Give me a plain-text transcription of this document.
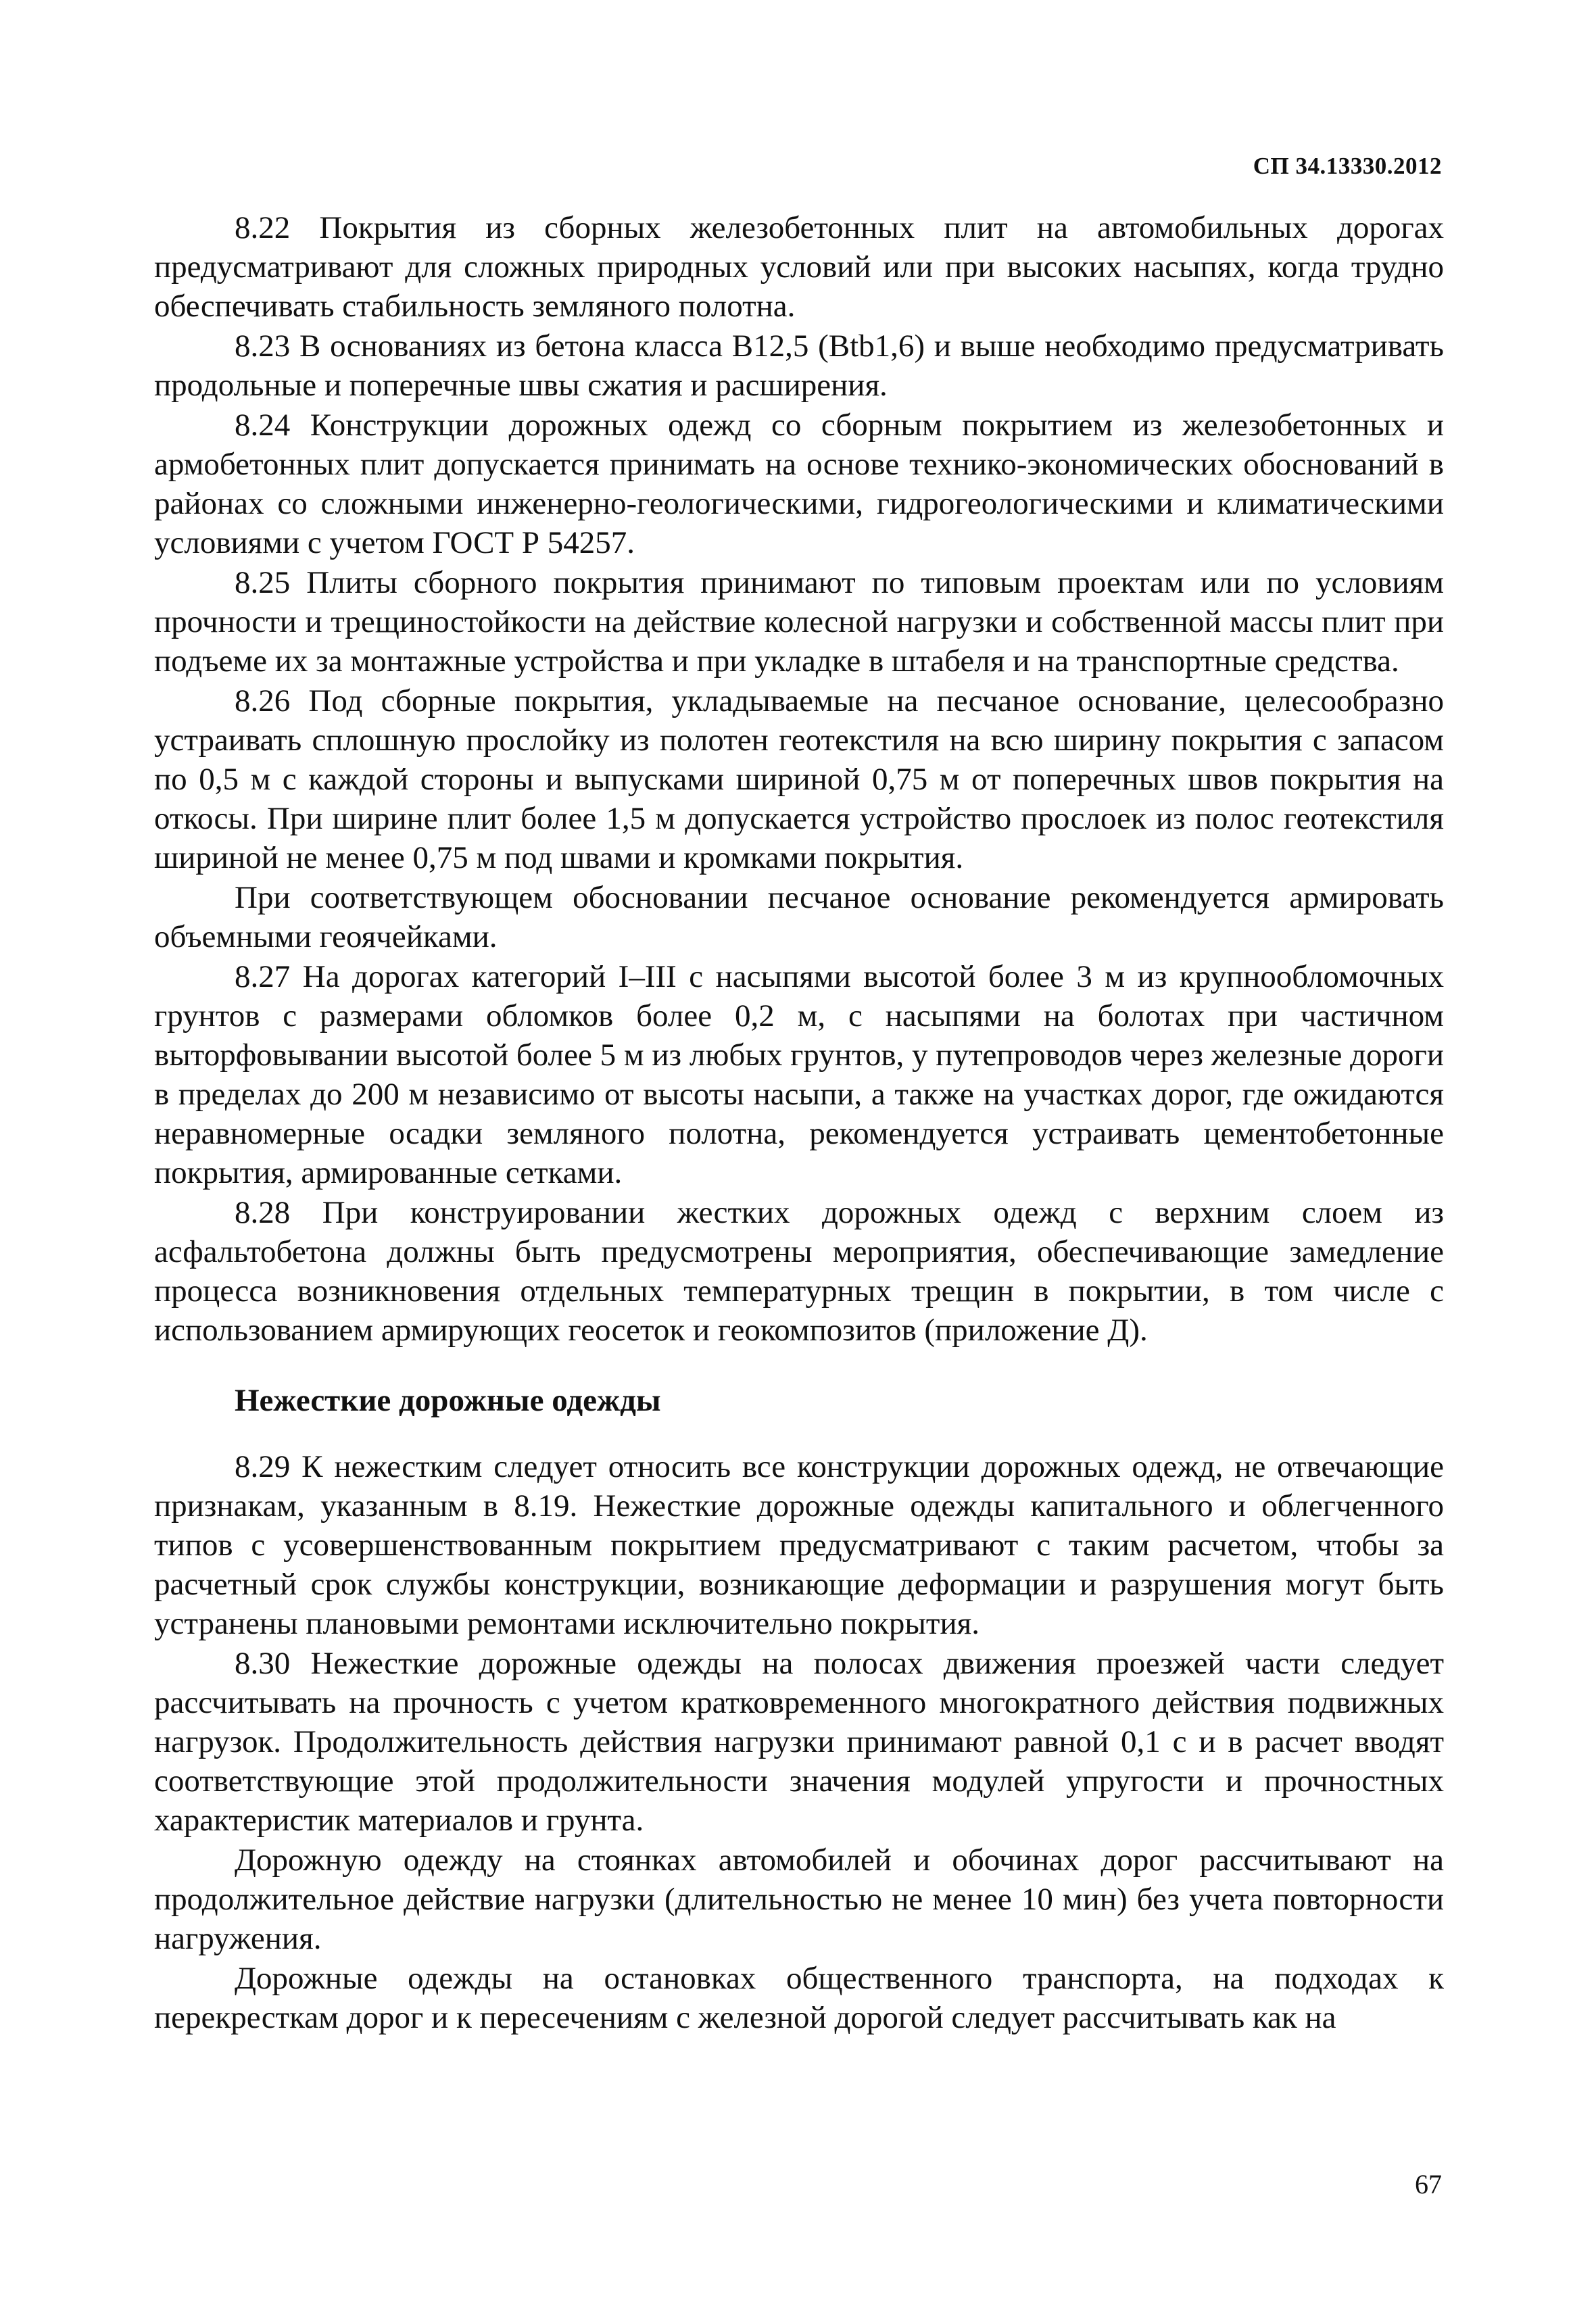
СП 34.13330.2012

8.22 Покрытия из сборных железобетонных плит на автомобильных дорогах предусматривают для сложных природных условий или при высоких насыпях, когда трудно обеспечивать стабильность земляного полотна.

8.23 В основаниях из бетона класса В12,5 (Вtb1,6) и выше необходимо предусматривать продольные и поперечные швы сжатия и расширения.

8.24 Конструкции дорожных одежд со сборным покрытием из железобетонных и армобетонных плит допускается принимать на основе технико-экономических обоснований в районах со сложными инженерно-геологическими, гидрогеологическими и климатическими условиями с учетом ГОСТ Р 54257.

8.25 Плиты сборного покрытия принимают по типовым проектам или по условиям прочности и трещиностойкости на действие колесной нагрузки и собственной массы плит при подъеме их за монтажные устройства и при укладке в штабеля и на транспортные средства.

8.26 Под сборные покрытия, укладываемые на песчаное основание, целесообразно устраивать сплошную прослойку из полотен геотекстиля на всю ширину покрытия с запасом по 0,5 м с каждой стороны и выпусками шириной 0,75 м от поперечных швов покрытия на откосы. При ширине плит более 1,5 м допускается устройство прослоек из полос геотекстиля шириной не менее 0,75 м под швами и кромками покрытия.

При соответствующем обосновании песчаное основание рекомендуется армировать объемными геоячейками.

8.27 На дорогах категорий I–III с насыпями высотой более 3 м из крупнообломочных грунтов с размерами обломков более 0,2 м, с насыпями на болотах при частичном выторфовывании высотой более 5 м из любых грунтов, у путепроводов через железные дороги в пределах до 200 м независимо от высоты насыпи, а также на участках дорог, где ожидаются неравномерные осадки земляного полотна, рекомендуется устраивать цементобетонные покрытия, армированные сетками.

8.28 При конструировании жестких дорожных одежд с верхним слоем из асфальтобетона должны быть предусмотрены мероприятия, обеспечивающие замедление процесса возникновения отдельных температурных трещин в покрытии, в том числе с использованием армирующих геосеток и геокомпозитов (приложение Д).

Нежесткие дорожные одежды

8.29 К нежестким следует относить все конструкции дорожных одежд, не отвечающие признакам, указанным в 8.19. Нежесткие дорожные одежды капитального и облегченного типов с усовершенствованным покрытием предусматривают с таким расчетом, чтобы за расчетный срок службы конструкции, возникающие деформации и разрушения могут быть устранены плановыми ремонтами исключительно покрытия.

8.30 Нежесткие дорожные одежды на полосах движения проезжей части следует рассчитывать на прочность с учетом кратковременного многократного действия подвижных нагрузок. Продолжительность действия нагрузки принимают равной 0,1 с и в расчет вводят соответствующие этой продолжительности значения модулей упругости и прочностных характеристик материалов и грунта.

Дорожную одежду на стоянках автомобилей и обочинах дорог рассчитывают на продолжительное действие нагрузки (длительностью не менее 10 мин) без учета повторности нагружения.

Дорожные одежды на остановках общественного транспорта, на подходах к перекресткам дорог и к пересечениям с железной дорогой следует рассчитывать как на

67
